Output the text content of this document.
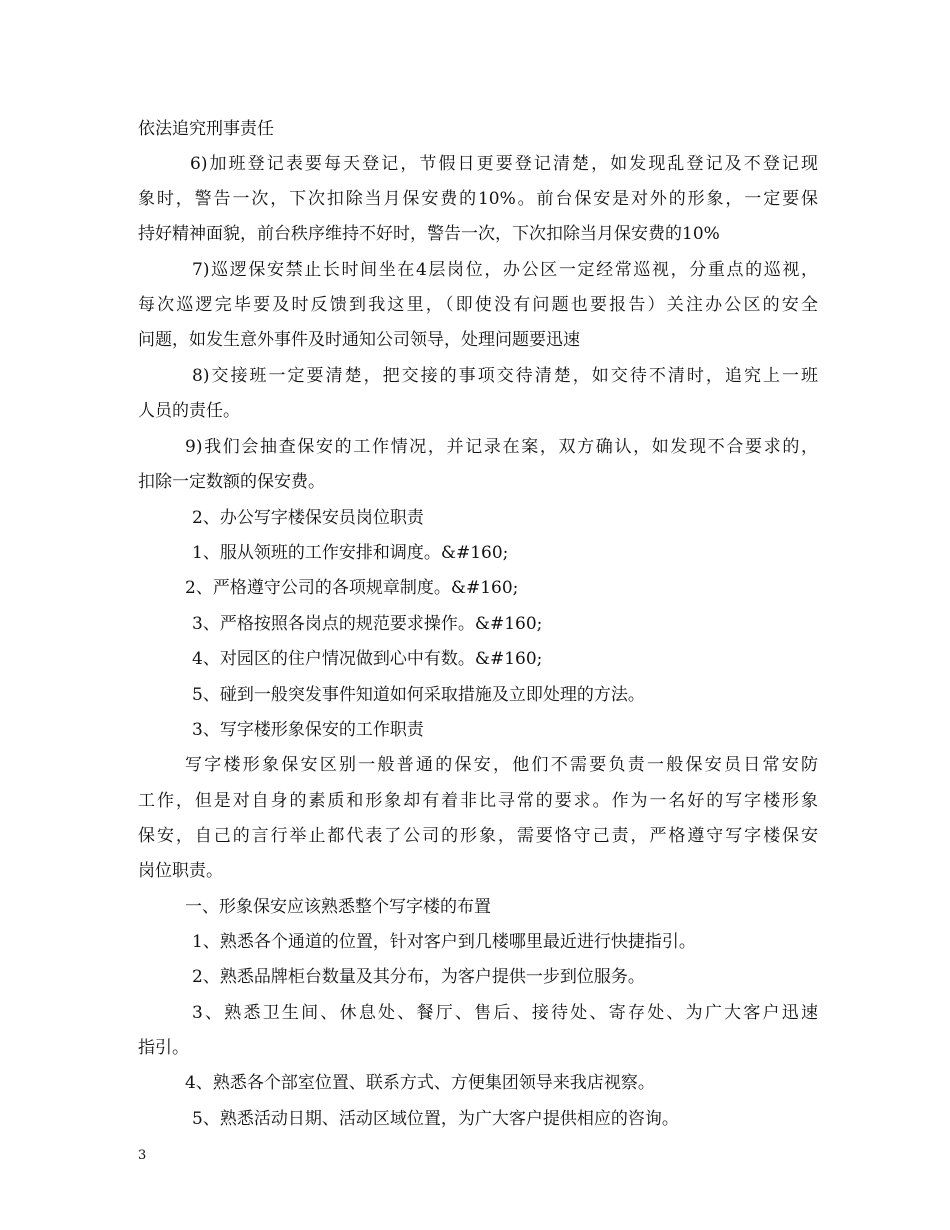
依法追究刑事责任
6)加班登记表要每天登记，节假日更要登记清楚，如发现乱登记及不登记现
象时，警告一次，下次扣除当月保安费的10%。前台保安是对外的形象，一定要保
持好精神面貌，前台秩序维持不好时，警告一次，下次扣除当月保安费的10%
7)巡逻保安禁止长时间坐在4层岗位，办公区一定经常巡视，分重点的巡视，
每次巡逻完毕要及时反馈到我这里，（即使没有问题也要报告）关注办公区的安全
问题，如发生意外事件及时通知公司领导，处理问题要迅速
8)交接班一定要清楚，把交接的事项交待清楚，如交待不清时，追究上一班
人员的责任。
9)我们会抽查保安的工作情况，并记录在案，双方确认，如发现不合要求的，
扣除一定数额的保安费。
2、办公写字楼保安员岗位职责
1、服从领班的工作安排和调度。&#160;
2、严格遵守公司的各项规章制度。&#160;
3、严格按照各岗点的规范要求操作。&#160;
4、对园区的住户情况做到心中有数。&#160;
5、碰到一般突发事件知道如何采取措施及立即处理的方法。
3、写字楼形象保安的工作职责
写字楼形象保安区别一般普通的保安，他们不需要负责一般保安员日常安防
工作，但是对自身的素质和形象却有着非比寻常的要求。作为一名好的写字楼形象
保安，自己的言行举止都代表了公司的形象，需要恪守己责，严格遵守写字楼保安
岗位职责。
一、形象保安应该熟悉整个写字楼的布置
1、熟悉各个通道的位置，针对客户到几楼哪里最近进行快捷指引。
2、熟悉品牌柜台数量及其分布，为客户提供一步到位服务。
3、熟悉卫生间、休息处、餐厅、售后、接待处、寄存处、为广大客户迅速
指引。
4、熟悉各个部室位置、联系方式、方便集团领导来我店视察。
5、熟悉活动日期、活动区域位置，为广大客户提供相应的咨询。
3
